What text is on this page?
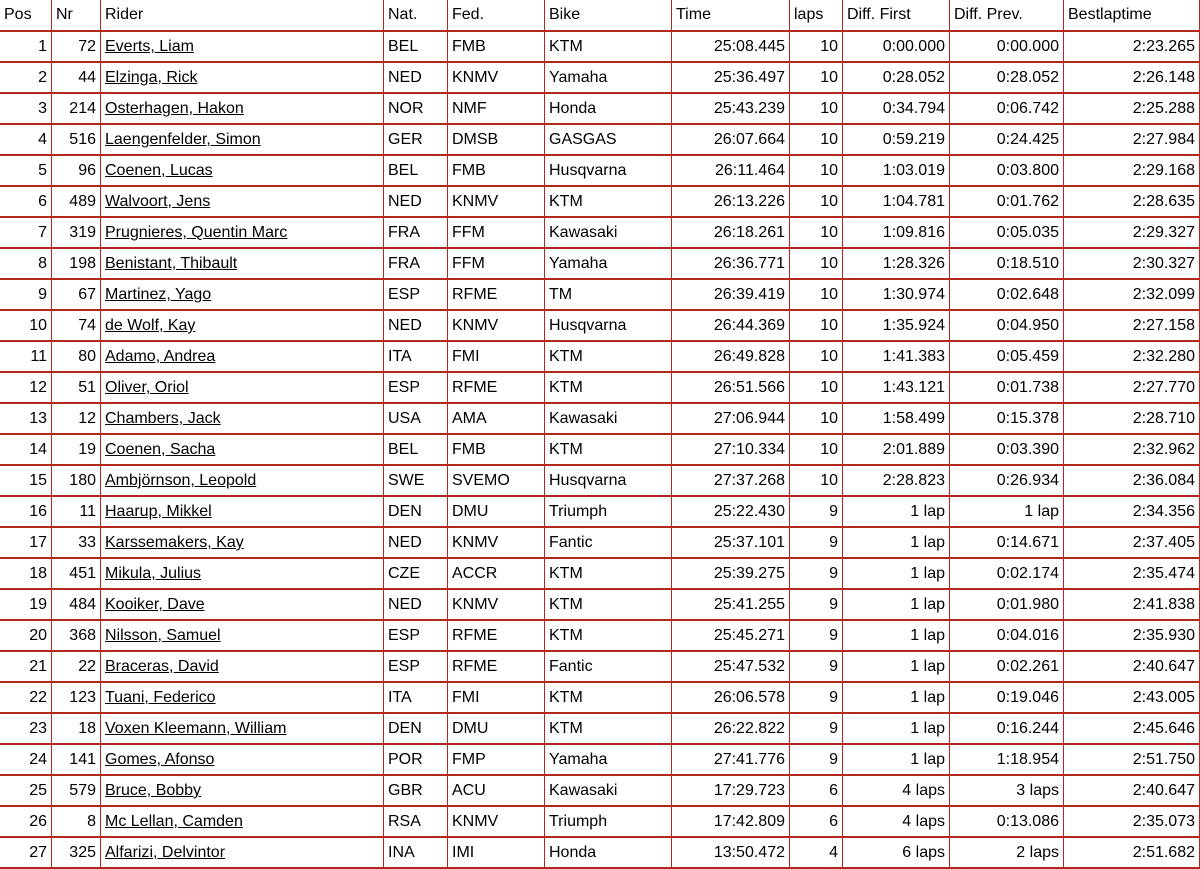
Pos	Nr	Rider	Nat.	Fed.	Bike	Time	laps	Diff. First	Diff. Prev.	Bestlaptime
1	72	Everts, Liam	BEL	FMB	KTM	25:08.445	10	0:00.000	0:00.000	2:23.265
2	44	Elzinga, Rick	NED	KNMV	Yamaha	25:36.497	10	0:28.052	0:28.052	2:26.148
3	214	Osterhagen, Hakon	NOR	NMF	Honda	25:43.239	10	0:34.794	0:06.742	2:25.288
4	516	Laengenfelder, Simon	GER	DMSB	GASGAS	26:07.664	10	0:59.219	0:24.425	2:27.984
5	96	Coenen, Lucas	BEL	FMB	Husqvarna	26:11.464	10	1:03.019	0:03.800	2:29.168
6	489	Walvoort, Jens	NED	KNMV	KTM	26:13.226	10	1:04.781	0:01.762	2:28.635
7	319	Prugnieres, Quentin Marc	FRA	FFM	Kawasaki	26:18.261	10	1:09.816	0:05.035	2:29.327
8	198	Benistant, Thibault	FRA	FFM	Yamaha	26:36.771	10	1:28.326	0:18.510	2:30.327
9	67	Martinez, Yago	ESP	RFME	TM	26:39.419	10	1:30.974	0:02.648	2:32.099
10	74	de Wolf, Kay	NED	KNMV	Husqvarna	26:44.369	10	1:35.924	0:04.950	2:27.158
11	80	Adamo, Andrea	ITA	FMI	KTM	26:49.828	10	1:41.383	0:05.459	2:32.280
12	51	Oliver, Oriol	ESP	RFME	KTM	26:51.566	10	1:43.121	0:01.738	2:27.770
13	12	Chambers, Jack	USA	AMA	Kawasaki	27:06.944	10	1:58.499	0:15.378	2:28.710
14	19	Coenen, Sacha	BEL	FMB	KTM	27:10.334	10	2:01.889	0:03.390	2:32.962
15	180	Ambjörnson, Leopold	SWE	SVEMO	Husqvarna	27:37.268	10	2:28.823	0:26.934	2:36.084
16	11	Haarup, Mikkel	DEN	DMU	Triumph	25:22.430	9	1 lap	1 lap	2:34.356
17	33	Karssemakers, Kay	NED	KNMV	Fantic	25:37.101	9	1 lap	0:14.671	2:37.405
18	451	Mikula, Julius	CZE	ACCR	KTM	25:39.275	9	1 lap	0:02.174	2:35.474
19	484	Kooiker, Dave	NED	KNMV	KTM	25:41.255	9	1 lap	0:01.980	2:41.838
20	368	Nilsson, Samuel	ESP	RFME	KTM	25:45.271	9	1 lap	0:04.016	2:35.930
21	22	Braceras, David	ESP	RFME	Fantic	25:47.532	9	1 lap	0:02.261	2:40.647
22	123	Tuani, Federico	ITA	FMI	KTM	26:06.578	9	1 lap	0:19.046	2:43.005
23	18	Voxen Kleemann, William	DEN	DMU	KTM	26:22.822	9	1 lap	0:16.244	2:45.646
24	141	Gomes, Afonso	POR	FMP	Yamaha	27:41.776	9	1 lap	1:18.954	2:51.750
25	579	Bruce, Bobby	GBR	ACU	Kawasaki	17:29.723	6	4 laps	3 laps	2:40.647
26	8	Mc Lellan, Camden	RSA	KNMV	Triumph	17:42.809	6	4 laps	0:13.086	2:35.073
27	325	Alfarizi, Delvintor	INA	IMI	Honda	13:50.472	4	6 laps	2 laps	2:51.682
